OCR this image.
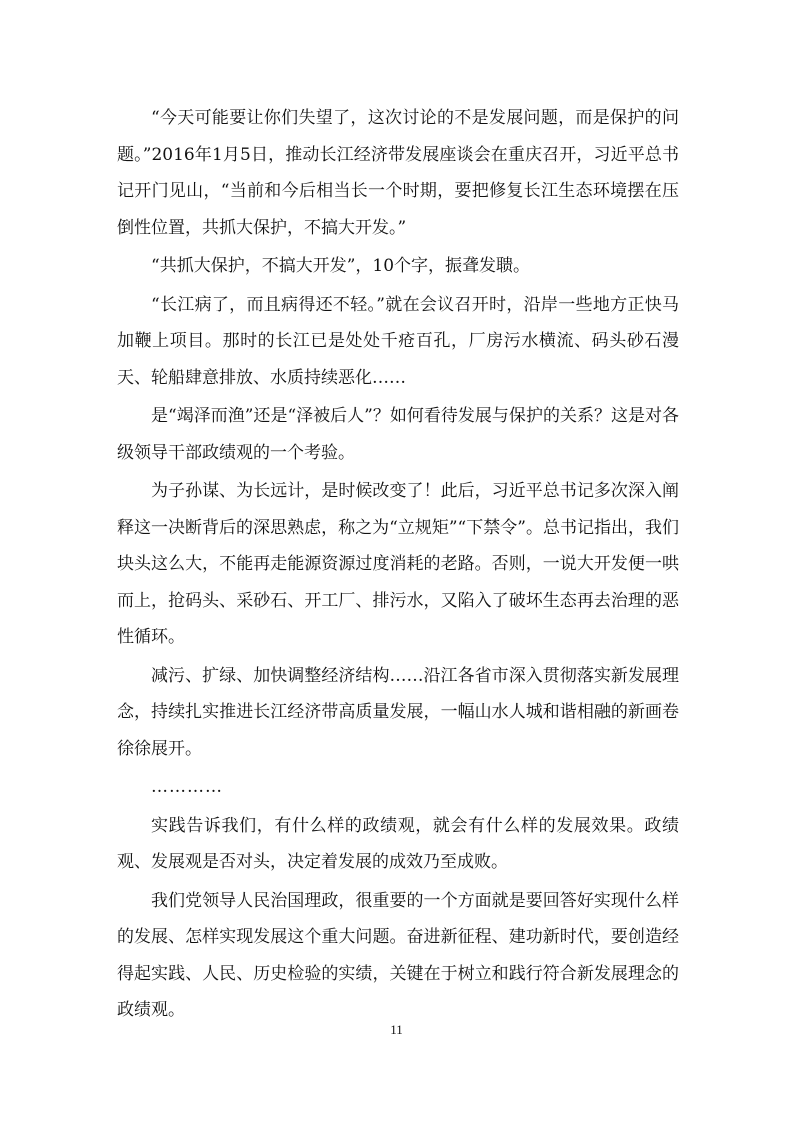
“今天可能要让你们失望了，这次讨论的不是发展问题，而是保护的问题。”2016年1月5日，推动长江经济带发展座谈会在重庆召开，习近平总书记开门见山，“当前和今后相当长一个时期，要把修复长江生态环境摆在压倒性位置，共抓大保护，不搞大开发。”

“共抓大保护，不搞大开发”，10个字，振聋发聩。

“长江病了，而且病得还不轻。”就在会议召开时，沿岸一些地方正快马加鞭上项目。那时的长江已是处处千疮百孔，厂房污水横流、码头砂石漫天、轮船肆意排放、水质持续恶化……

是“竭泽而渔”还是“泽被后人”？如何看待发展与保护的关系？这是对各级领导干部政绩观的一个考验。

为子孙谋、为长远计，是时候改变了！此后，习近平总书记多次深入阐释这一决断背后的深思熟虑，称之为“立规矩”“下禁令”。总书记指出，我们块头这么大，不能再走能源资源过度消耗的老路。否则，一说大开发便一哄而上，抢码头、采砂石、开工厂、排污水，又陷入了破坏生态再去治理的恶性循环。

减污、扩绿、加快调整经济结构……沿江各省市深入贯彻落实新发展理念，持续扎实推进长江经济带高质量发展，一幅山水人城和谐相融的新画卷徐徐展开。

…………

实践告诉我们，有什么样的政绩观，就会有什么样的发展效果。政绩观、发展观是否对头，决定着发展的成效乃至成败。

我们党领导人民治国理政，很重要的一个方面就是要回答好实现什么样的发展、怎样实现发展这个重大问题。奋进新征程、建功新时代，要创造经得起实践、人民、历史检验的实绩，关键在于树立和践行符合新发展理念的政绩观。

11
